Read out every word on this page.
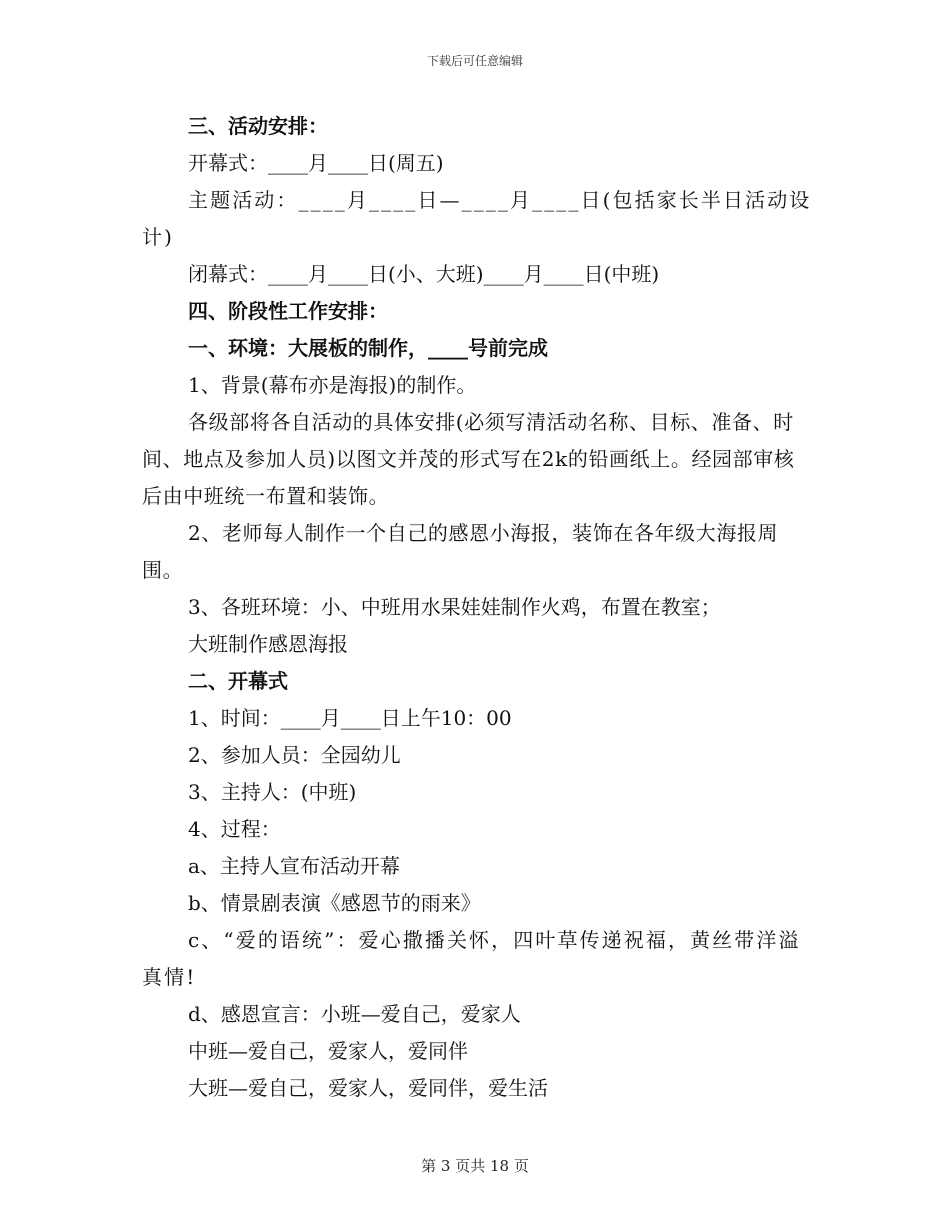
下载后可任意编辑
三、活动安排：
开幕式：____月____日(周五)
主题活动：____月____日—____月____日(包括家长半日活动设计)
闭幕式：____月____日(小、大班)____月____日(中班)
四、阶段性工作安排：
一、环境：大展板的制作，____号前完成
1、背景(幕布亦是海报)的制作。
各级部将各自活动的具体安排(必须写清活动名称、目标、准备、时间、地点及参加人员)以图文并茂的形式写在2k的铅画纸上。经园部审核后由中班统一布置和装饰。
2、老师每人制作一个自己的感恩小海报，装饰在各年级大海报周围。
3、各班环境：小、中班用水果娃娃制作火鸡，布置在教室；
大班制作感恩海报
二、开幕式
1、时间：____月____日上午10：00
2、参加人员：全园幼儿
3、主持人：(中班)
4、过程：
a、主持人宣布活动开幕
b、情景剧表演《感恩节的雨来》
c、“爱的语统”：爱心撒播关怀，四叶草传递祝福，黄丝带洋溢真情!
d、感恩宣言：小班—爱自己，爱家人
中班—爱自己，爱家人，爱同伴
大班—爱自己，爱家人，爱同伴，爱生活
第 3 页共 18 页
